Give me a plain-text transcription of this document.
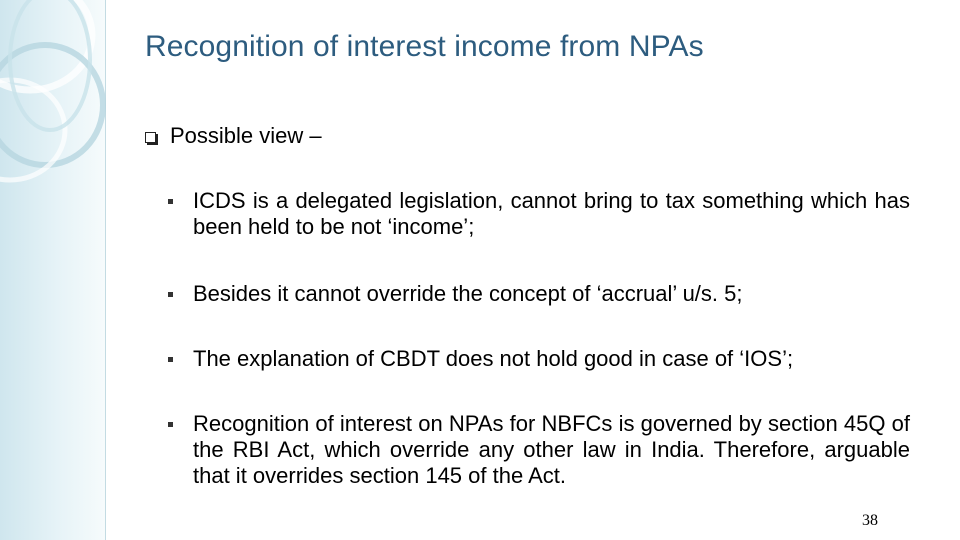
Recognition of interest income from NPAs
Possible view –
ICDS is a delegated legislation, cannot bring to tax something which has been held to be not ‘income’;
Besides it cannot override the concept of ‘accrual’ u/s. 5;
The explanation of CBDT does not hold good in case of ‘IOS’;
Recognition of interest on NPAs for NBFCs is governed by section 45Q of the RBI Act, which override any other law in India. Therefore, arguable that it overrides section 145 of the Act.
38
